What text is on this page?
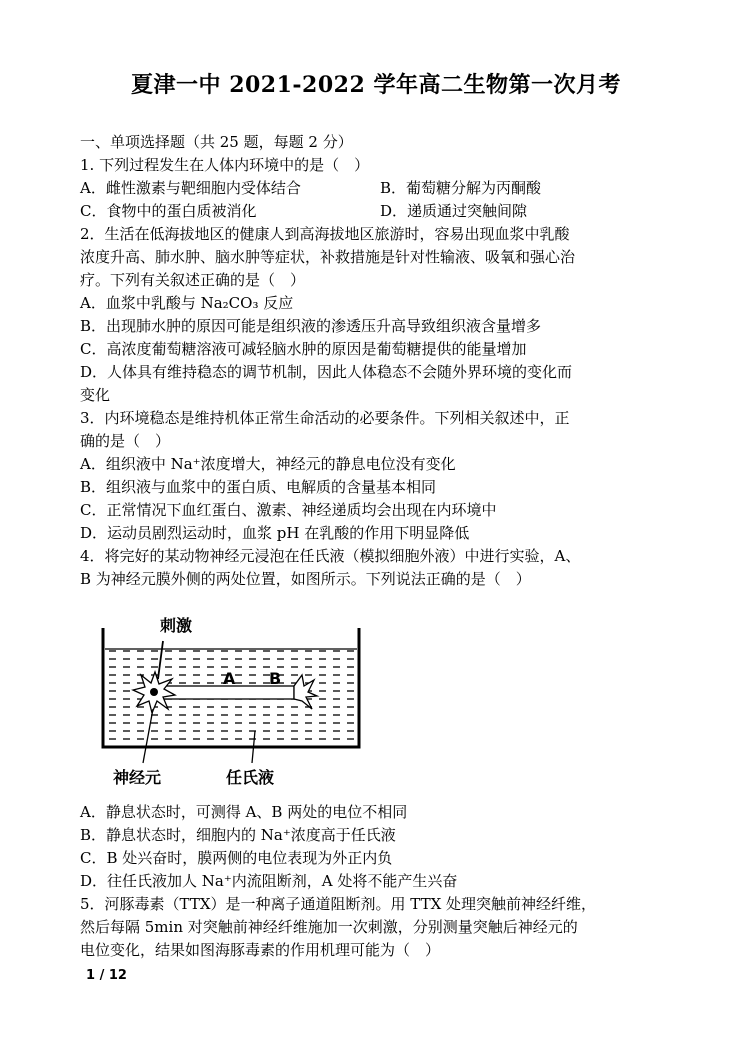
夏津一中 2021-2022 学年高二生物第一次月考
一、单项选择题（共 25 题，每题 2 分）
1. 下列过程发生在人体内环境中的是（　）
A．雌性激素与靶细胞内受体结合	B．葡萄糖分解为丙酮酸
C．食物中的蛋白质被消化	D．递质通过突触间隙
2．生活在低海拔地区的健康人到高海拔地区旅游时，容易出现血浆中乳酸
浓度升高、肺水肿、脑水肿等症状，补救措施是针对性输液、吸氧和强心治
疗。下列有关叙述正确的是（　）
A．血浆中乳酸与 Na₂CO₃ 反应
B．出现肺水肿的原因可能是组织液的渗透压升高导致组织液含量增多
C．高浓度葡萄糖溶液可减轻脑水肿的原因是葡萄糖提供的能量增加
D．人体具有维持稳态的调节机制，因此人体稳态不会随外界环境的变化而
变化
3．内环境稳态是维持机体正常生命活动的必要条件。下列相关叙述中，正
确的是（　）
A．组织液中 Na⁺浓度增大，神经元的静息电位没有变化
B．组织液与血浆中的蛋白质、电解质的含量基本相同
C．正常情况下血红蛋白、激素、神经递质均会出现在内环境中
D．运动员剧烈运动时，血浆 pH 在乳酸的作用下明显降低
4．将完好的某动物神经元浸泡在任氏液（模拟细胞外液）中进行实验，A、
B 为神经元膜外侧的两处位置，如图所示。下列说法正确的是（　）
刺激
A B
神经元	任氏液
A．静息状态时，可测得 A、B 两处的电位不相同
B．静息状态时，细胞内的 Na⁺浓度高于任氏液
C．B 处兴奋时，膜两侧的电位表现为外正内负
D．往任氏液加人 Na⁺内流阻断剂，A 处将不能产生兴奋
5．河豚毒素（TTX）是一种离子通道阻断剂。用 TTX 处理突触前神经纤维，
然后每隔 5min 对突触前神经纤维施加一次刺激，分别测量突触后神经元的
电位变化，结果如图海豚毒素的作用机理可能为（　）
1 / 12
